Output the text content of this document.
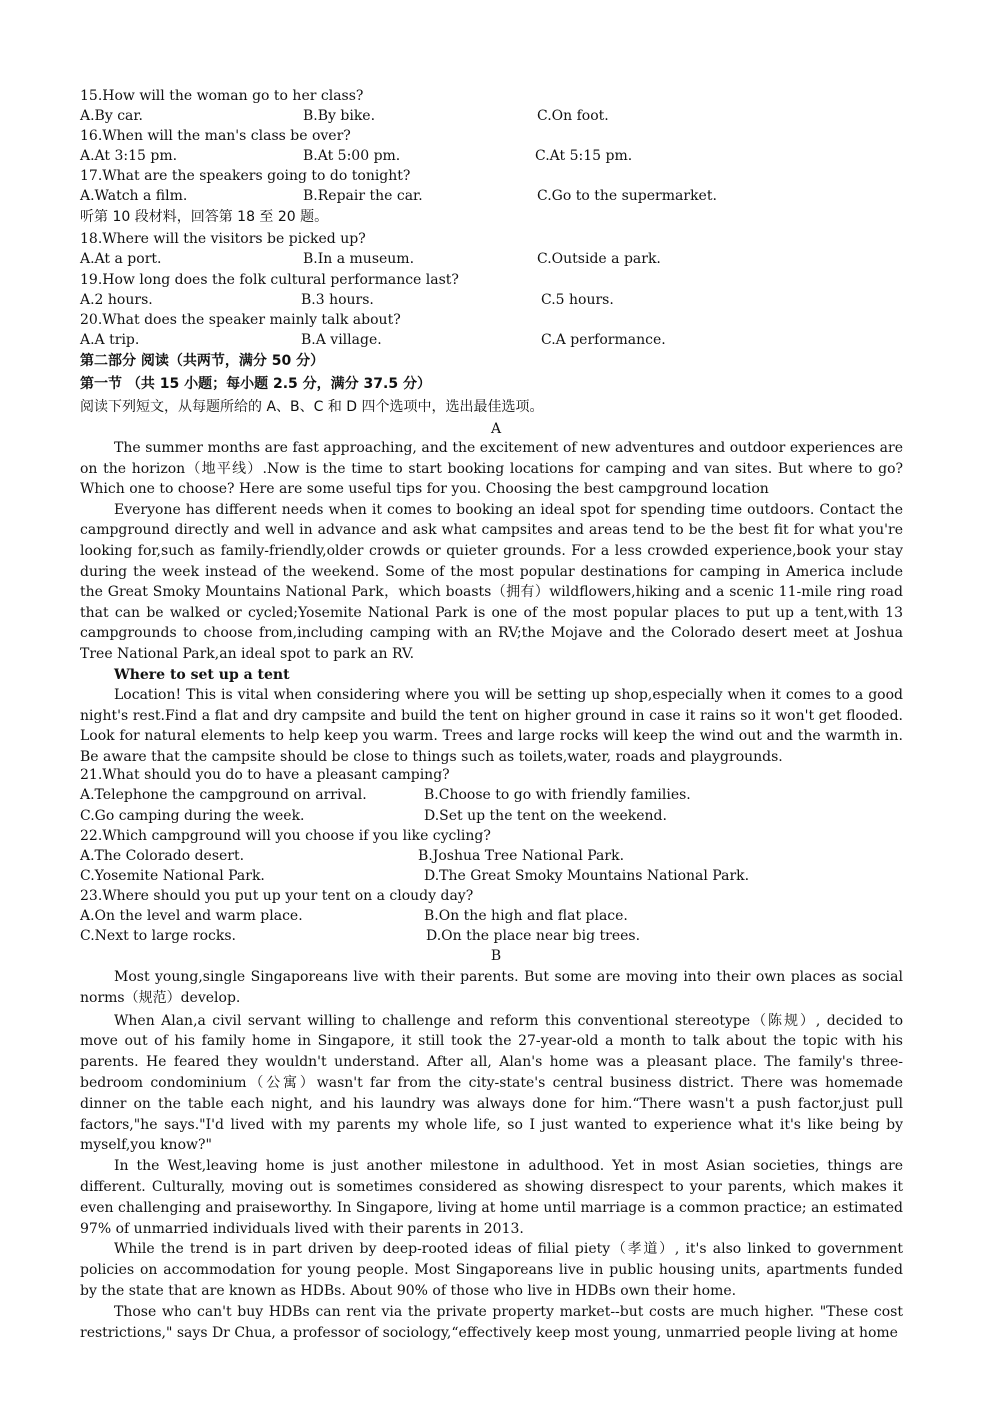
15.How will the woman go to her class?
A.By car.	B.By bike.	C.On foot.
16.When will the man's class be over?
A.At 3:15 pm.	B.At 5:00 pm.	C.At 5:15 pm.
17.What are the speakers going to do tonight?
A.Watch a film.	B.Repair the car.	C.Go to the supermarket.
听第 10 段材料，回答第 18 至 20 题。
18.Where will the visitors be picked up?
A.At a port.	B.In a museum.	C.Outside a park.
19.How long does the folk cultural performance last?
A.2 hours.	B.3 hours.	C.5 hours.
20.What does the speaker mainly talk about?
A.A trip.	B.A village.	C.A performance.
第二部分 阅读（共两节，满分 50 分）
第一节 （共 15 小题；每小题 2.5 分，满分 37.5 分）
阅读下列短文，从每题所给的 A、B、C 和 D 四个选项中，选出最佳选项。
A

The summer months are fast approaching, and the excitement of new adventures and outdoor experiences are on the horizon（地平线）.Now is the time to start booking locations for camping and van sites. But where to go? Which one to choose? Here are some useful tips for you. Choosing the best campground location

Everyone has different needs when it comes to booking an ideal spot for spending time outdoors. Contact the campground directly and well in advance and ask what campsites and areas tend to be the best fit for what you're looking for,such as family-friendly,older crowds or quieter grounds. For a less crowded experience,book your stay during the week instead of the weekend. Some of the most popular destinations for camping in America include the Great Smoky Mountains National Park，which boasts（拥有）wildflowers,hiking and a scenic 11-mile ring road that can be walked or cycled;Yosemite National Park is one of the most popular places to put up a tent,with 13 campgrounds to choose from,including camping with an RV;the Mojave and the Colorado desert meet at Joshua Tree National Park,an ideal spot to park an RV.

Where to set up a tent

Location! This is vital when considering where you will be setting up shop,especially when it comes to a good night's rest.Find a flat and dry campsite and build the tent on higher ground in case it rains so it won't get flooded. Look for natural elements to help keep you warm. Trees and large rocks will keep the wind out and the warmth in. Be aware that the campsite should be close to things such as toilets,water, roads and playgrounds.

21.What should you do to have a pleasant camping?
A.Telephone the campground on arrival.	B.Choose to go with friendly families.
C.Go camping during the week.	D.Set up the tent on the weekend.
22.Which campground will you choose if you like cycling?
A.The Colorado desert.	B.Joshua Tree National Park.
C.Yosemite National Park.	D.The Great Smoky Mountains National Park.
23.Where should you put up your tent on a cloudy day?
A.On the level and warm place.	B.On the high and flat place.
C.Next to large rocks.	D.On the place near big trees.
B

Most young,single Singaporeans live with their parents. But some are moving into their own places as social norms（规范）develop.

When Alan,a civil servant willing to challenge and reform this conventional stereotype（陈规）, decided to move out of his family home in Singapore, it still took the 27-year-old a month to talk about the topic with his parents. He feared they wouldn't understand. After all, Alan's home was a pleasant place. The family's three-bedroom condominium（公寓）wasn't far from the city-state's central business district. There was homemade dinner on the table each night, and his laundry was always done for him.“There wasn't a push factor,just pull factors,"he says."I'd lived with my parents my whole life, so I just wanted to experience what it's like being by myself,you know?"

In the West,leaving home is just another milestone in adulthood. Yet in most Asian societies, things are different. Culturally, moving out is sometimes considered as showing disrespect to your parents, which makes it even challenging and praiseworthy. In Singapore, living at home until marriage is a common practice; an estimated 97% of unmarried individuals lived with their parents in 2013.

While the trend is in part driven by deep-rooted ideas of filial piety（孝道）, it's also linked to government policies on accommodation for young people. Most Singaporeans live in public housing units, apartments funded by the state that are known as HDBs. About 90% of those who live in HDBs own their home.

Those who can't buy HDBs can rent via the private property market--but costs are much higher. "These cost restrictions," says Dr Chua, a professor of sociology,“effectively keep most young, unmarried people living at home
